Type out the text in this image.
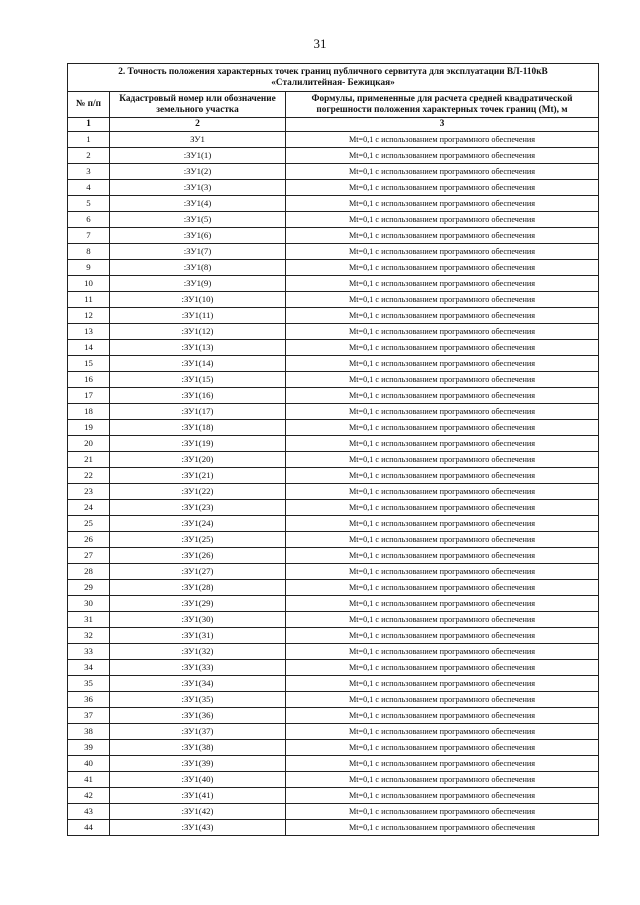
31
2. Точность положения характерных точек границ публичного сервитута для эксплуатации ВЛ-110кВ
«Сталилитейная- Бежицкая»		
№ п/п	Кадастровый номер или обозначение земельного участка	Формулы, примененные для расчета средней квадратической погрешности положения характерных точек границ (Mt), м
1	2	3
1	ЗУ1	Mt=0,1 с использованием программного обеспечения
2	:ЗУ1(1)	Mt=0,1 с использованием программного обеспечения
3	:ЗУ1(2)	Mt=0,1 с использованием программного обеспечения
4	:ЗУ1(3)	Mt=0,1 с использованием программного обеспечения
5	:ЗУ1(4)	Mt=0,1 с использованием программного обеспечения
6	:ЗУ1(5)	Mt=0,1 с использованием программного обеспечения
7	:ЗУ1(6)	Mt=0,1 с использованием программного обеспечения
8	:ЗУ1(7)	Mt=0,1 с использованием программного обеспечения
9	:ЗУ1(8)	Mt=0,1 с использованием программного обеспечения
10	:ЗУ1(9)	Mt=0,1 с использованием программного обеспечения
11	:ЗУ1(10)	Mt=0,1 с использованием программного обеспечения
12	:ЗУ1(11)	Mt=0,1 с использованием программного обеспечения
13	:ЗУ1(12)	Mt=0,1 с использованием программного обеспечения
14	:ЗУ1(13)	Mt=0,1 с использованием программного обеспечения
15	:ЗУ1(14)	Mt=0,1 с использованием программного обеспечения
16	:ЗУ1(15)	Mt=0,1 с использованием программного обеспечения
17	:ЗУ1(16)	Mt=0,1 с использованием программного обеспечения
18	:ЗУ1(17)	Mt=0,1 с использованием программного обеспечения
19	:ЗУ1(18)	Mt=0,1 с использованием программного обеспечения
20	:ЗУ1(19)	Mt=0,1 с использованием программного обеспечения
21	:ЗУ1(20)	Mt=0,1 с использованием программного обеспечения
22	:ЗУ1(21)	Mt=0,1 с использованием программного обеспечения
23	:ЗУ1(22)	Mt=0,1 с использованием программного обеспечения
24	:ЗУ1(23)	Mt=0,1 с использованием программного обеспечения
25	:ЗУ1(24)	Mt=0,1 с использованием программного обеспечения
26	:ЗУ1(25)	Mt=0,1 с использованием программного обеспечения
27	:ЗУ1(26)	Mt=0,1 с использованием программного обеспечения
28	:ЗУ1(27)	Mt=0,1 с использованием программного обеспечения
29	:ЗУ1(28)	Mt=0,1 с использованием программного обеспечения
30	:ЗУ1(29)	Mt=0,1 с использованием программного обеспечения
31	:ЗУ1(30)	Mt=0,1 с использованием программного обеспечения
32	:ЗУ1(31)	Mt=0,1 с использованием программного обеспечения
33	:ЗУ1(32)	Mt=0,1 с использованием программного обеспечения
34	:ЗУ1(33)	Mt=0,1 с использованием программного обеспечения
35	:ЗУ1(34)	Mt=0,1 с использованием программного обеспечения
36	:ЗУ1(35)	Mt=0,1 с использованием программного обеспечения
37	:ЗУ1(36)	Mt=0,1 с использованием программного обеспечения
38	:ЗУ1(37)	Mt=0,1 с использованием программного обеспечения
39	:ЗУ1(38)	Mt=0,1 с использованием программного обеспечения
40	:ЗУ1(39)	Mt=0,1 с использованием программного обеспечения
41	:ЗУ1(40)	Mt=0,1 с использованием программного обеспечения
42	:ЗУ1(41)	Mt=0,1 с использованием программного обеспечения
43	:ЗУ1(42)	Mt=0,1 с использованием программного обеспечения
44	:ЗУ1(43)	Mt=0,1 с использованием программного обеспечения
